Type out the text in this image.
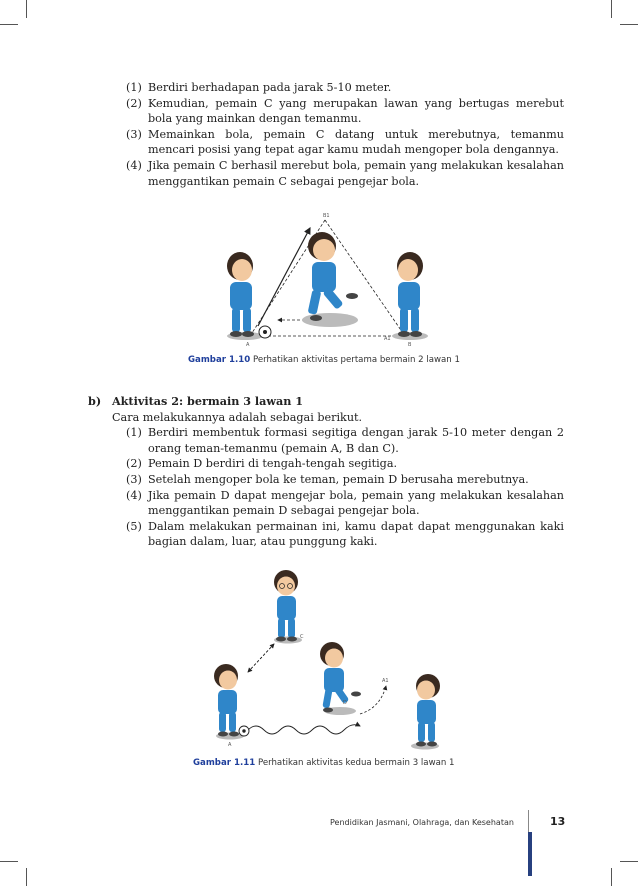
(1) Berdiri berhadapan pada jarak 5-10 meter.
(2) Kemudian, pemain C yang merupakan lawan yang bertugas merebut bola yang mainkan dengan temanmu.
(3) Memainkan bola, pemain C datang untuk merebutnya, temanmu mencari posisi yang tepat agar kamu mudah mengoper bola dengannya.
(4) Jika pemain C berhasil merebut bola, pemain yang melakukan kesalahan menggantikan pemain C sebagai pengejar bola.
B1
A
A1
B
Gambar 1.10 Perhatikan aktivitas pertama bermain 2 lawan 1
b) Aktivitas 2: bermain 3 lawan 1
Cara melakukannya adalah sebagai berikut.
(1) Berdiri membentuk formasi segitiga dengan jarak 5-10 meter dengan 2 orang teman-temanmu (pemain A, B dan C).
(2) Pemain D berdiri di tengah-tengah segitiga.
(3) Setelah mengoper bola ke teman, pemain D berusaha merebutnya.
(4) Jika pemain D dapat mengejar bola, pemain yang melakukan kesalahan menggantikan pemain D sebagai pengejar bola.
(5) Dalam melakukan permainan ini, kamu dapat dapat menggunakan kaki bagian dalam, luar, atau punggung kaki.
C
D
A1
A
Gambar 1.11 Perhatikan aktivitas kedua bermain 3 lawan 1
Pendidikan Jasmani, Olahraga, dan Kesehatan	13
